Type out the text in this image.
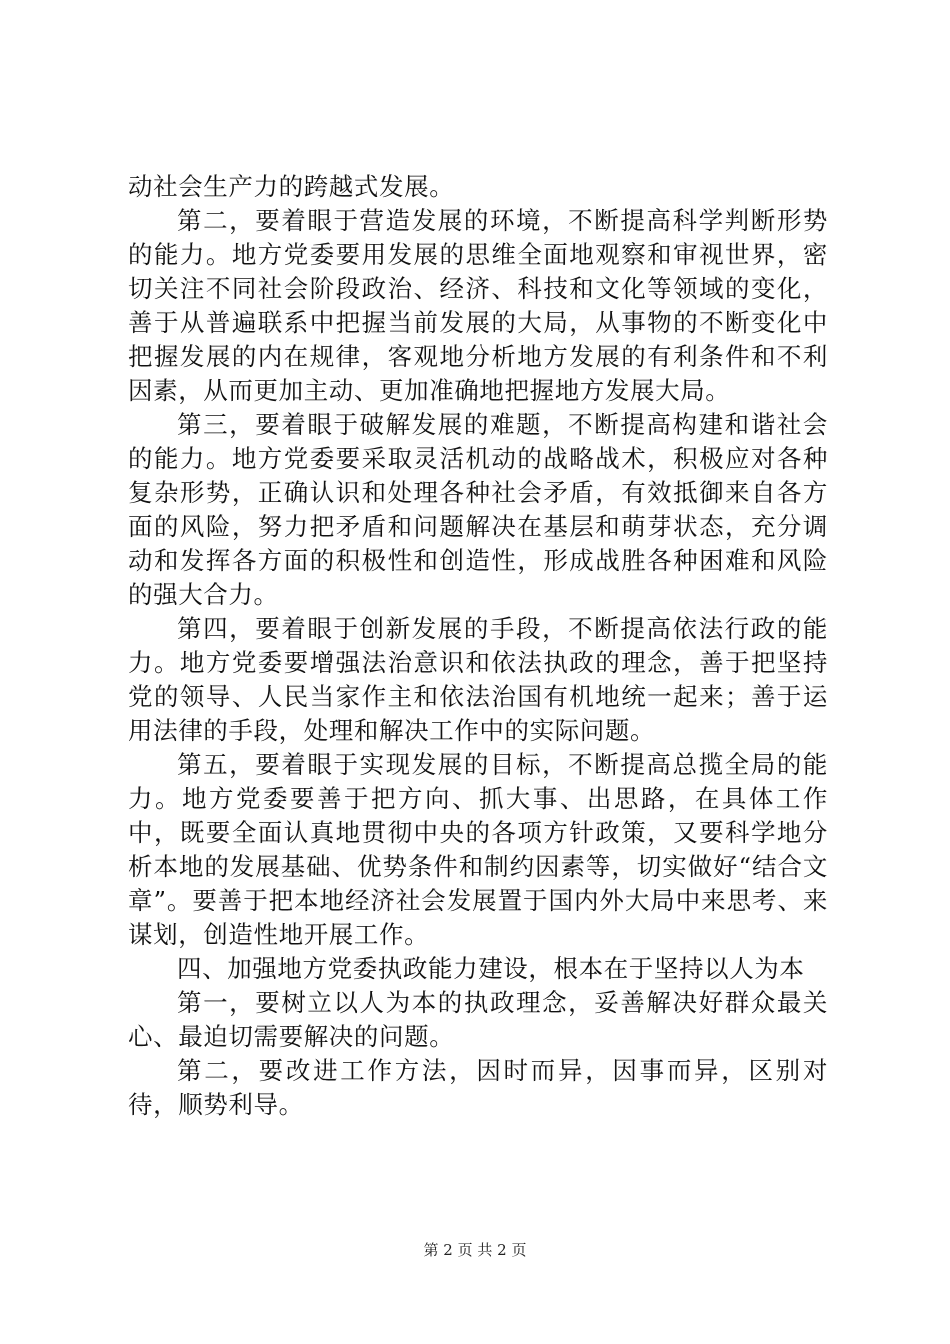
动社会生产力的跨越式发展。

第二，要着眼于营造发展的环境，不断提高科学判断形势的能力。地方党委要用发展的思维全面地观察和审视世界，密切关注不同社会阶段政治、经济、科技和文化等领域的变化，善于从普遍联系中把握当前发展的大局，从事物的不断变化中把握发展的内在规律，客观地分析地方发展的有利条件和不利因素，从而更加主动、更加准确地把握地方发展大局。

第三，要着眼于破解发展的难题，不断提高构建和谐社会的能力。地方党委要采取灵活机动的战略战术，积极应对各种复杂形势，正确认识和处理各种社会矛盾，有效抵御来自各方面的风险，努力把矛盾和问题解决在基层和萌芽状态，充分调动和发挥各方面的积极性和创造性，形成战胜各种困难和风险的强大合力。

第四，要着眼于创新发展的手段，不断提高依法行政的能力。地方党委要增强法治意识和依法执政的理念，善于把坚持党的领导、人民当家作主和依法治国有机地统一起来；善于运用法律的手段，处理和解决工作中的实际问题。

第五，要着眼于实现发展的目标，不断提高总揽全局的能力。地方党委要善于把方向、抓大事、出思路，在具体工作中，既要全面认真地贯彻中央的各项方针政策，又要科学地分析本地的发展基础、优势条件和制约因素等，切实做好“结合文章”。要善于把本地经济社会发展置于国内外大局中来思考、来谋划，创造性地开展工作。

四、加强地方党委执政能力建设，根本在于坚持以人为本

第一，要树立以人为本的执政理念，妥善解决好群众最关心、最迫切需要解决的问题。

第二，要改进工作方法，因时而异，因事而异，区别对待，顺势利导。

第 2 页 共 2 页
